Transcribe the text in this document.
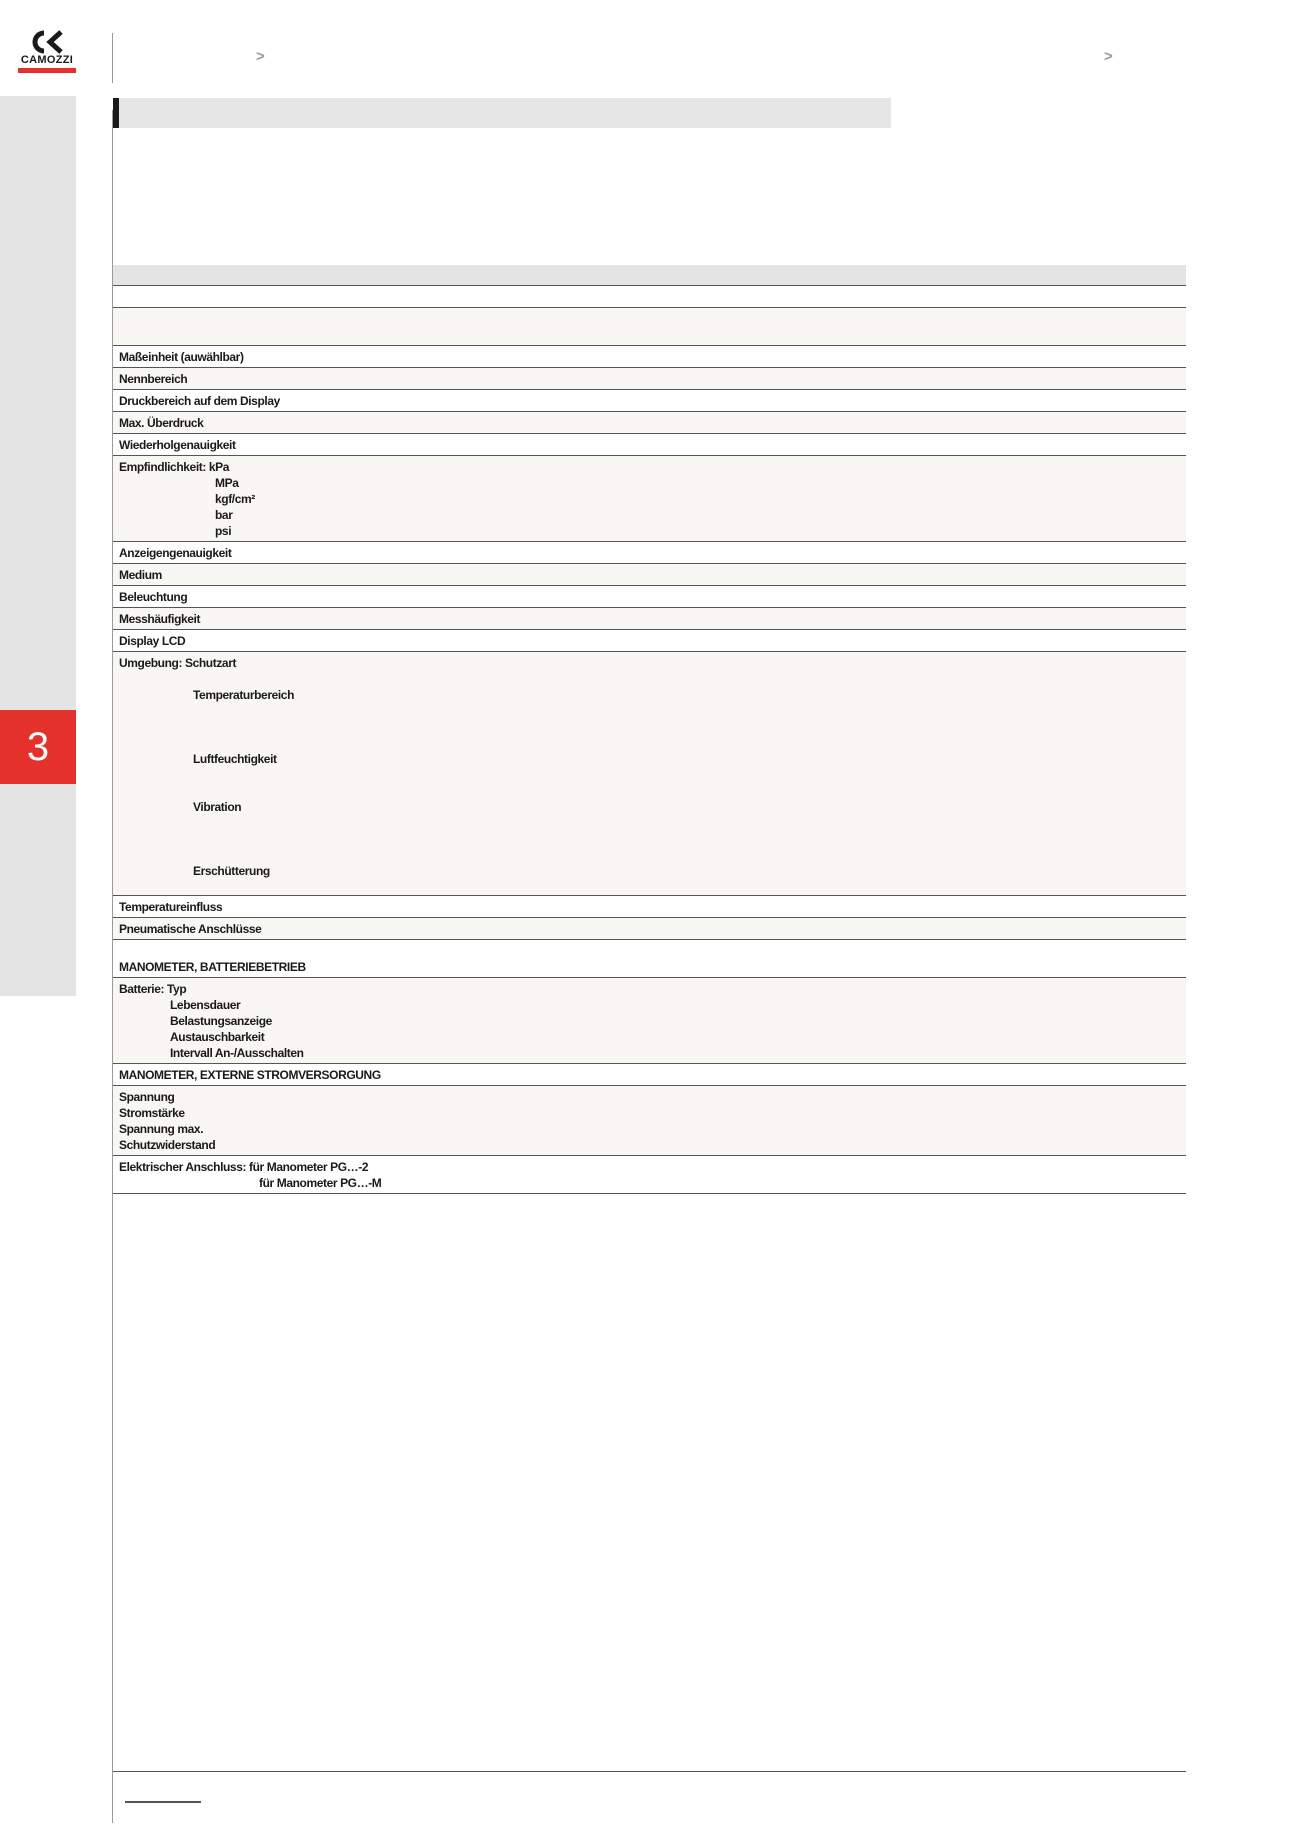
CAMOZZI	>	>
3
Maßeinheit (auwählbar)
Nennbereich
Druckbereich auf dem Display
Max. Überdruck
Wiederholgenauigkeit
Empfindlichkeit: kPa
MPa
kgf/cm²
bar
psi
Anzeigengenauigkeit
Medium
Beleuchtung
Messhäufigkeit
Display LCD
Umgebung: Schutzart
Temperaturbereich
Luftfeuchtigkeit
Vibration
Erschütterung
Temperatureinfluss
Pneumatische Anschlüsse
MANOMETER, BATTERIEBETRIEB
Batterie: Typ
Lebensdauer
Belastungsanzeige
Austauschbarkeit
Intervall An-/Ausschalten
MANOMETER, EXTERNE STROMVERSORGUNG
Spannung
Stromstärke
Spannung max.
Schutzwiderstand
Elektrischer Anschluss: für Manometer PG…-2
für Manometer PG…-M
